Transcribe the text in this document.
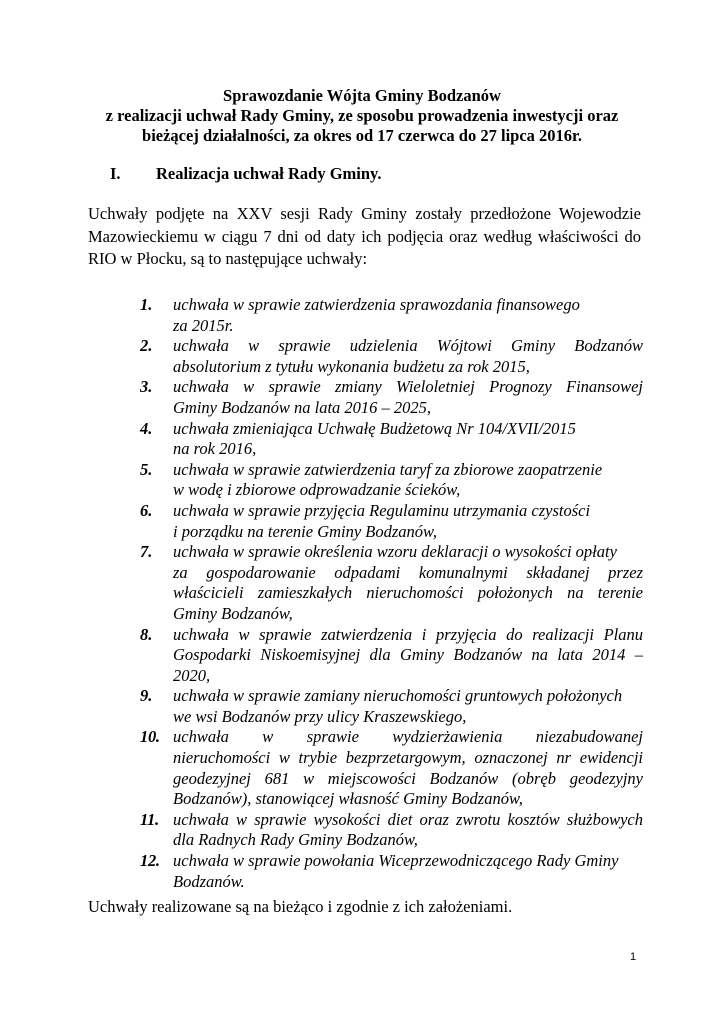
Sprawozdanie Wójta Gminy Bodzanów
z realizacji uchwał Rady Gminy, ze sposobu prowadzenia inwestycji oraz
bieżącej działalności, za okres od 17 czerwca do 27 lipca 2016r.
I. Realizacja uchwał Rady Gminy.
Uchwały podjęte na XXV sesji Rady Gminy zostały przedłożone Wojewodzie
Mazowieckiemu w ciągu 7 dni od daty ich podjęcia oraz według właściwości do
RIO w Płocku, są to następujące uchwały:
1. uchwała w sprawie zatwierdzenia sprawozdania finansowego
za 2015r.
2. uchwała w sprawie udzielenia Wójtowi Gminy Bodzanów
absolutorium z tytułu wykonania budżetu za rok 2015,
3. uchwała w sprawie zmiany Wieloletniej Prognozy Finansowej
Gminy Bodzanów na lata 2016 – 2025,
4. uchwała zmieniająca Uchwałę Budżetową Nr 104/XVII/2015
na rok 2016,
5. uchwała w sprawie zatwierdzenia taryf za zbiorowe zaopatrzenie
w wodę i zbiorowe odprowadzanie ścieków,
6. uchwała w sprawie przyjęcia Regulaminu utrzymania czystości
i porządku na terenie Gminy Bodzanów,
7. uchwała w sprawie określenia wzoru deklaracji o wysokości opłaty
za gospodarowanie odpadami komunalnymi składanej przez
właścicieli zamieszkałych nieruchomości położonych na terenie
Gminy Bodzanów,
8. uchwała w sprawie zatwierdzenia i przyjęcia do realizacji Planu
Gospodarki Niskoemisyjnej dla Gminy Bodzanów na lata 2014 –
2020,
9. uchwała w sprawie zamiany nieruchomości gruntowych położonych
we wsi Bodzanów przy ulicy Kraszewskiego,
10. uchwała w sprawie wydzierżawienia niezabudowanej
nieruchomości w trybie bezprzetargowym, oznaczonej nr ewidencji
geodezyjnej 681 w miejscowości Bodzanów (obręb geodezyjny
Bodzanów), stanowiącej własność Gminy Bodzanów,
11. uchwała w sprawie wysokości diet oraz zwrotu kosztów służbowych
dla Radnych Rady Gminy Bodzanów,
12. uchwała w sprawie powołania Wiceprzewodniczącego Rady Gminy
Bodzanów.
Uchwały realizowane są na bieżąco i zgodnie z ich założeniami.
1
